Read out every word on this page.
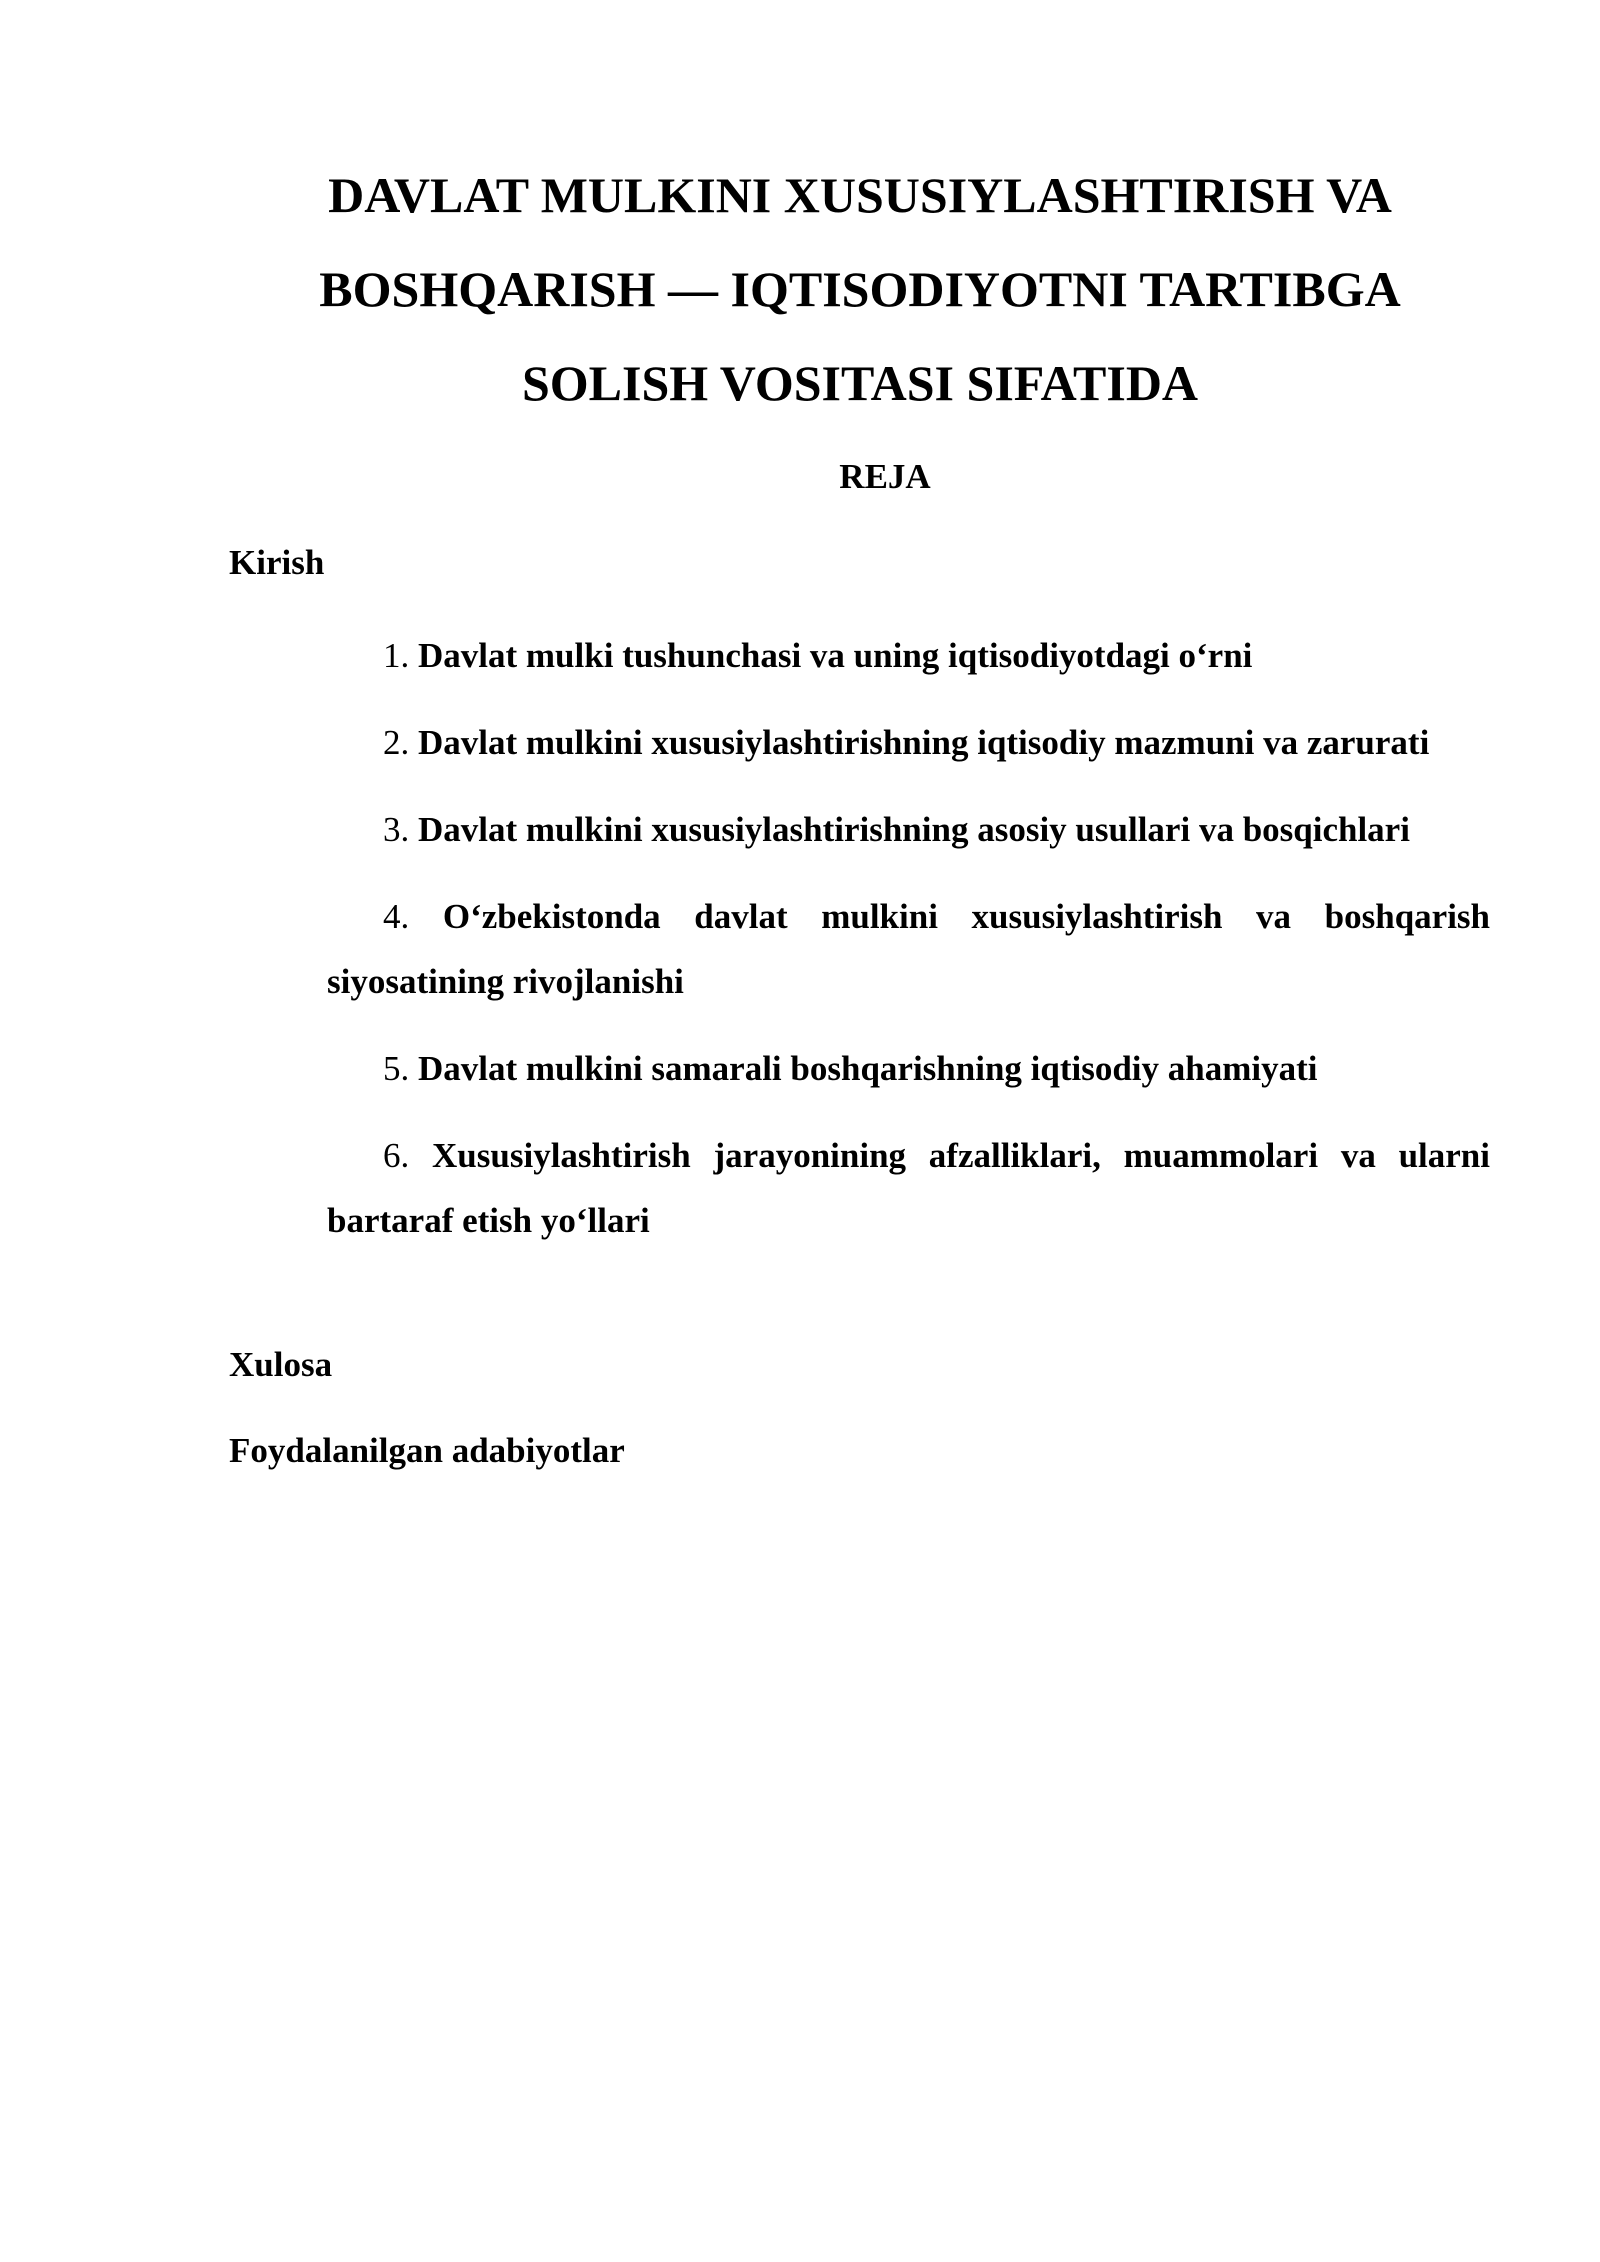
DAVLAT MULKINI XUSUSIYLASHTIRISH VA
BOSHQARISH — IQTISODIYOTNI TARTIBGA
SOLISH VOSITASI SIFATIDA

REJA

Kirish

1. Davlat mulki tushunchasi va uning iqtisodiyotdagi o‘rni
2. Davlat mulkini xususiylashtirishning iqtisodiy mazmuni va zarurati
3. Davlat mulkini xususiylashtirishning asosiy usullari va bosqichlari
4. O‘zbekistonda davlat mulkini xususiylashtirish va boshqarish siyosatining rivojlanishi
5. Davlat mulkini samarali boshqarishning iqtisodiy ahamiyati
6. Xususiylashtirish jarayonining afzalliklari, muammolari va ularni bartaraf etish yo‘llari

Xulosa

Foydalanilgan adabiyotlar
